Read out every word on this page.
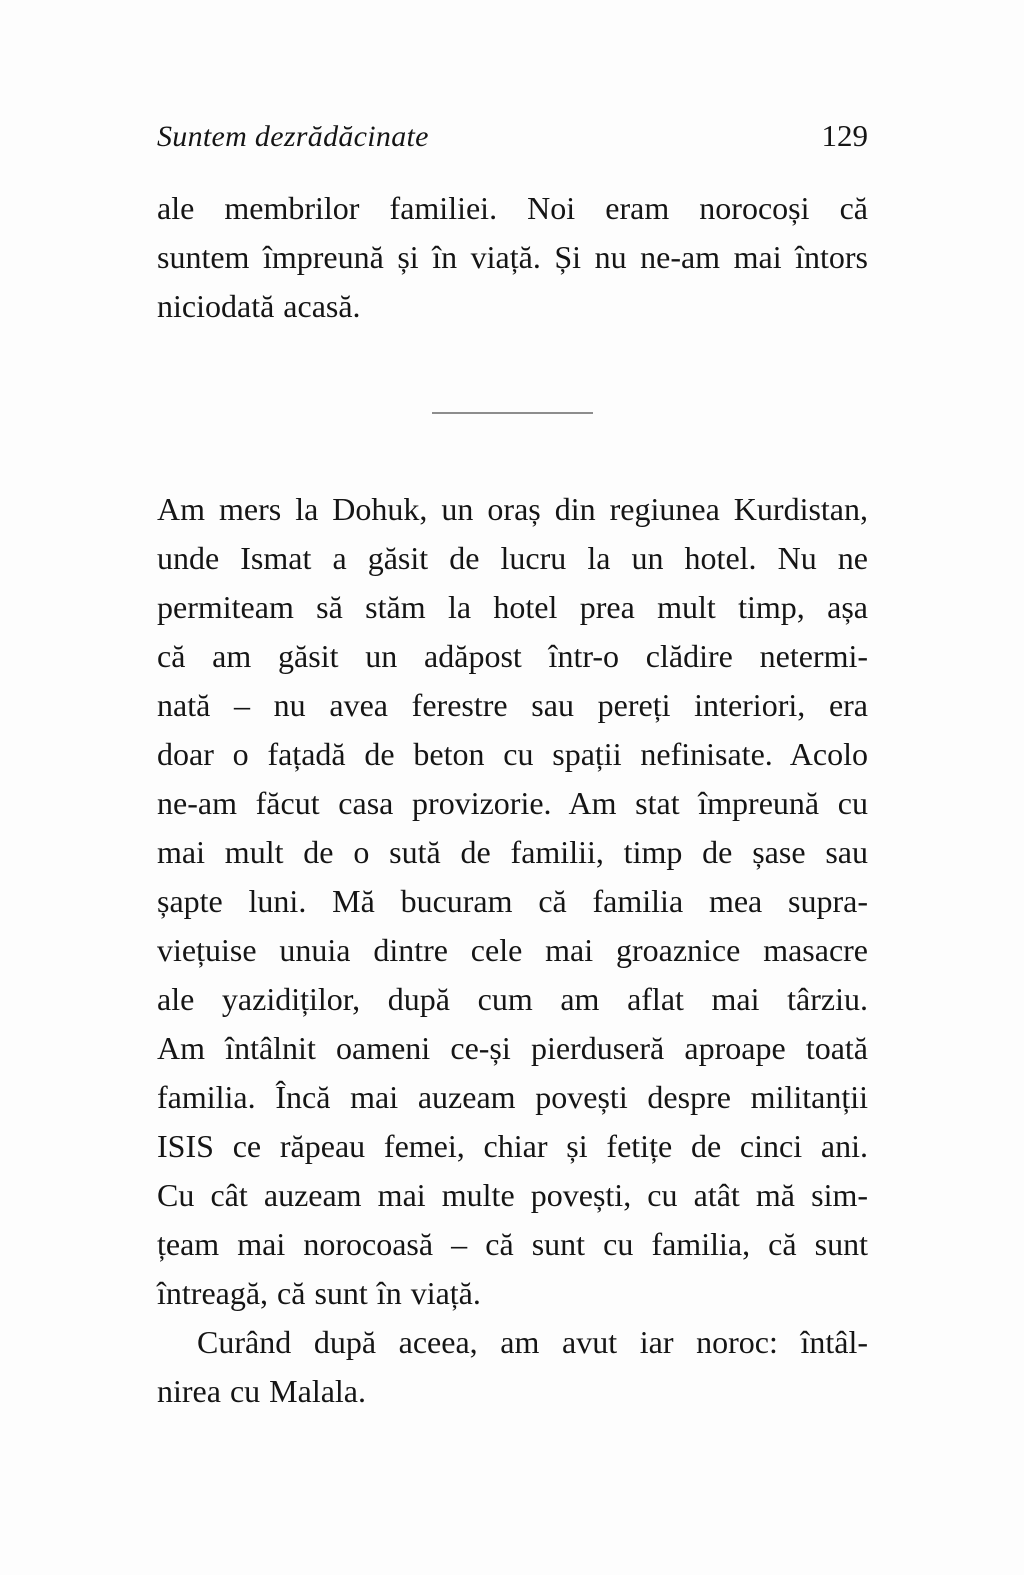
Suntem dezrădăcinate	129
ale membrilor familiei. Noi eram norocoși că
suntem împreună și în viață. Și nu ne-am mai întors
niciodată acasă.
Am mers la Dohuk, un oraș din regiunea Kurdistan,
unde Ismat a găsit de lucru la un hotel. Nu ne
permiteam să stăm la hotel prea mult timp, așa
că am găsit un adăpost într-o clădire netermi-
nată – nu avea ferestre sau pereți interiori, era
doar o fațadă de beton cu spații nefinisate. Acolo
ne-am făcut casa provizorie. Am stat împreună cu
mai mult de o sută de familii, timp de șase sau
șapte luni. Mă bucuram că familia mea supra-
viețuise unuia dintre cele mai groaznice masacre
ale yazidiților, după cum am aflat mai târziu.
Am întâlnit oameni ce-și pierduseră aproape toată
familia. Încă mai auzeam povești despre militanții
ISIS ce răpeau femei, chiar și fetițe de cinci ani.
Cu cât auzeam mai multe povești, cu atât mă sim-
țeam mai norocoasă – că sunt cu familia, că sunt
întreagă, că sunt în viață.
Curând după aceea, am avut iar noroc: întâl-
nirea cu Malala.
